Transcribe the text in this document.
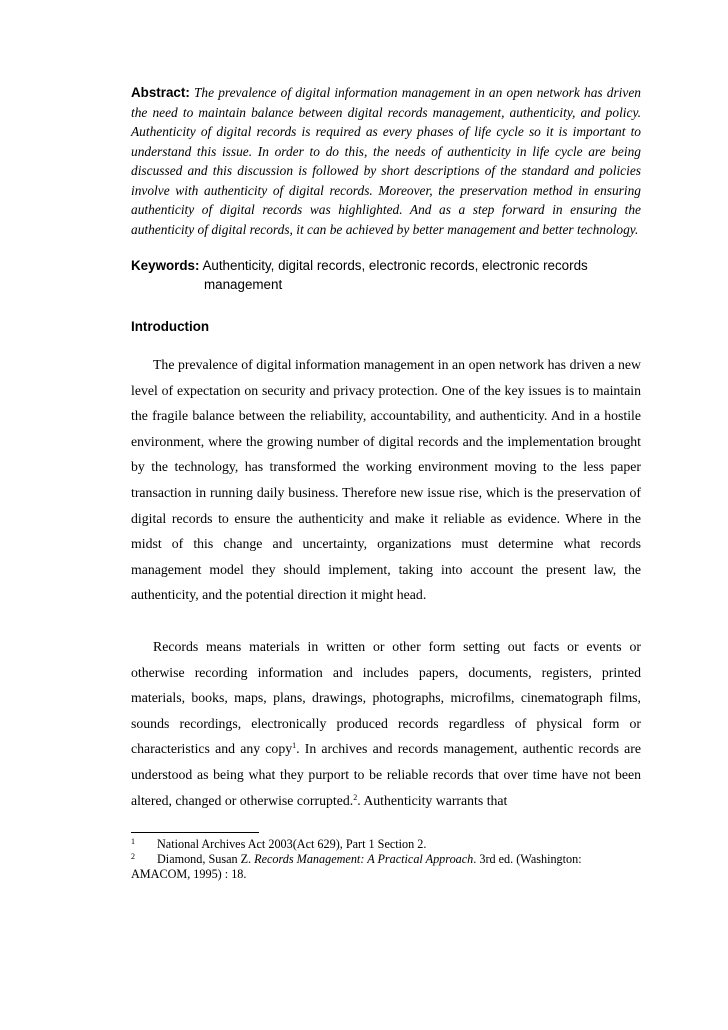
Abstract: The prevalence of digital information management in an open network has driven the need to maintain balance between digital records management, authenticity, and policy. Authenticity of digital records is required as every phases of life cycle so it is important to understand this issue. In order to do this, the needs of authenticity in life cycle are being discussed and this discussion is followed by short descriptions of the standard and policies involve with authenticity of digital records. Moreover, the preservation method in ensuring authenticity of digital records was highlighted. And as a step forward in ensuring the authenticity of digital records, it can be achieved by better management and better technology.

Keywords: Authenticity, digital records, electronic records, electronic records management

Introduction

The prevalence of digital information management in an open network has driven a new level of expectation on security and privacy protection. One of the key issues is to maintain the fragile balance between the reliability, accountability, and authenticity. And in a hostile environment, where the growing number of digital records and the implementation brought by the technology, has transformed the working environment moving to the less paper transaction in running daily business. Therefore new issue rise, which is the preservation of digital records to ensure the authenticity and make it reliable as evidence. Where in the midst of this change and uncertainty, organizations must determine what records management model they should implement, taking into account the present law, the authenticity, and the potential direction it might head.

Records means materials in written or other form setting out facts or events or otherwise recording information and includes papers, documents, registers, printed materials, books, maps, plans, drawings, photographs, microfilms, cinematograph films, sounds recordings, electronically produced records regardless of physical form or characteristics and any copy$^1$. In archives and records management, authentic records are understood as being what they purport to be reliable records that over time have not been altered, changed or otherwise corrupted.$^2$. Authenticity warrants that

1 National Archives Act 2003(Act 629), Part 1 Section 2.

2 Diamond, Susan Z. Records Management: A Practical Approach. 3rd ed. (Washington: AMACOM, 1995) : 18.
